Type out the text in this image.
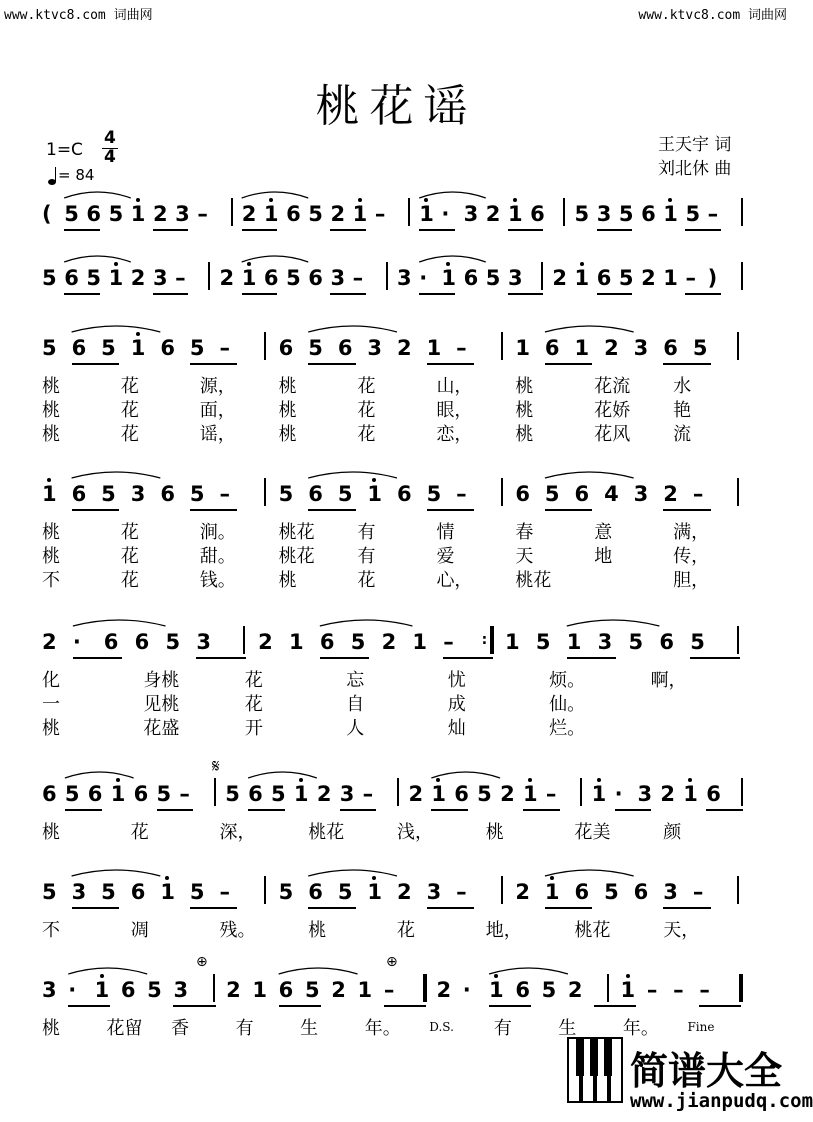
www.ktvc8.com 词曲网	www.ktvc8.com 词曲网
桃花谣
1=C
4
4
= 84
王天宇 词
刘北休 曲
( 5 6 5 1 2 3 – 2 1 6 5 2 1 – 1 · 3 2 1 6 5 3 5 6 1 5 –
5 6 5 1 2 3 – 2 1 6 5 6 3 – 3 · 1 6 5 3 2 1 6 5 2 1 – )
5 6 5 1 6 5 – 6 5 6 3 2 1 – 1 6 1 2 3 6 5
桃	花	源， 桃	花	山， 桃	花流 水
桃	花	面， 桃	花	眼， 桃	花娇 艳
桃	花	谣， 桃	花	恋， 桃	花风 流
1 6 5 3 6 5 – 5 6 5 1 6 5 – 6 5 6 4 3 2 –
桃	花	涧。 桃花 有	情	春	意	满，
桃	花	甜。 桃花 有	爱	天	地	传，
不	花	钱。 桃	花	心， 桃花	胆，
2 · 6 6 5 3 2 1 6 5 2 1 – : 1 5 1 3 5 6 5
化	身桃	花	忘	忧	烦。	啊，
一	见桃	花	自	成	仙。
桃	花盛	开	人	灿	烂。
6 5 6 1 6 5 – 5 6 5 1 2 3 – 2 1 6 5 2 1 – 1 · 3 2 1 6
𝄋
桃	花	深，	桃花	浅，	桃	花美	颜
5 3 5 6 1 5 – 5 6 5 1 2 3 – 2 1 6 5 6 3 –
不	凋	残。	桃	花	地，	桃花	天，
3 · 1 6 5 3 2 1 6 5 2 1 – 2 · 1 6 5 2 1 – – –
⊕	⊕
桃	花留 香	有	生	年。 D.S. 有	生	年。 Fine
简谱大全
www.jianpudq.com
